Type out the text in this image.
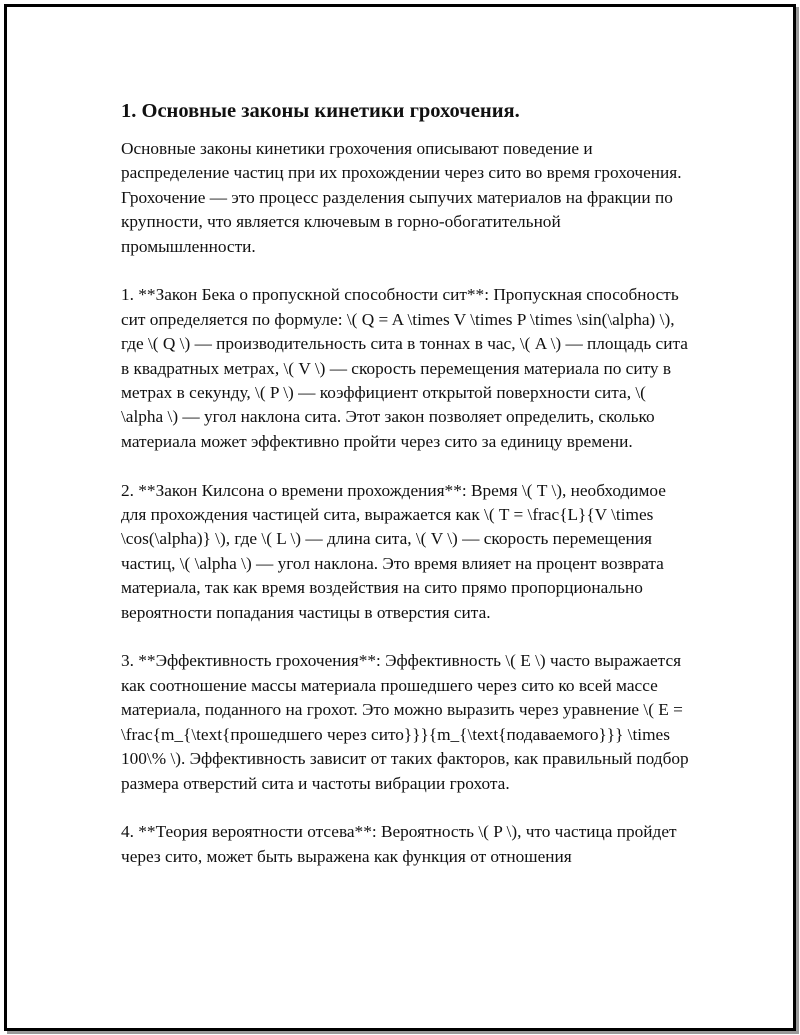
1. Основные законы кинетики грохочения.

Основные законы кинетики грохочения описывают поведение и распределение частиц при их прохождении через сито во время грохочения. Грохочение — это процесс разделения сыпучих материалов на фракции по крупности, что является ключевым в горно-обогатительной промышленности.

1. **Закон Бека о пропускной способности сит**: Пропускная способность сит определяется по формуле: \( Q = A \times V \times P \times \sin(\alpha) \), где \( Q \) — производительность сита в тоннах в час, \( A \) — площадь сита в квадратных метрах, \( V \) — скорость перемещения материала по ситу в метрах в секунду, \( P \) — коэффициент открытой поверхности сита, \( \alpha \) — угол наклона сита. Этот закон позволяет определить, сколько материала может эффективно пройти через сито за единицу времени.

2. **Закон Килсона о времени прохождения**: Время \( T \), необходимое для прохождения частицей сита, выражается как \( T = \frac{L}{V \times \cos(\alpha)} \), где \( L \) — длина сита, \( V \) — скорость перемещения частиц, \( \alpha \) — угол наклона. Это время влияет на процент возврата материала, так как время воздействия на сито прямо пропорционально вероятности попадания частицы в отверстия сита.

3. **Эффективность грохочения**: Эффективность \( E \) часто выражается как соотношение массы материала прошедшего через сито ко всей массе материала, поданного на грохот. Это можно выразить через уравнение \( E = \frac{m_{\text{прошедшего через сито}}}{m_{\text{подаваемого}}} \times 100\% \). Эффективность зависит от таких факторов, как правильный подбор размера отверстий сита и частоты вибрации грохота.

4. **Теория вероятности отсева**: Вероятность \( P \), что частица пройдет через сито, может быть выражена как функция от отношения
